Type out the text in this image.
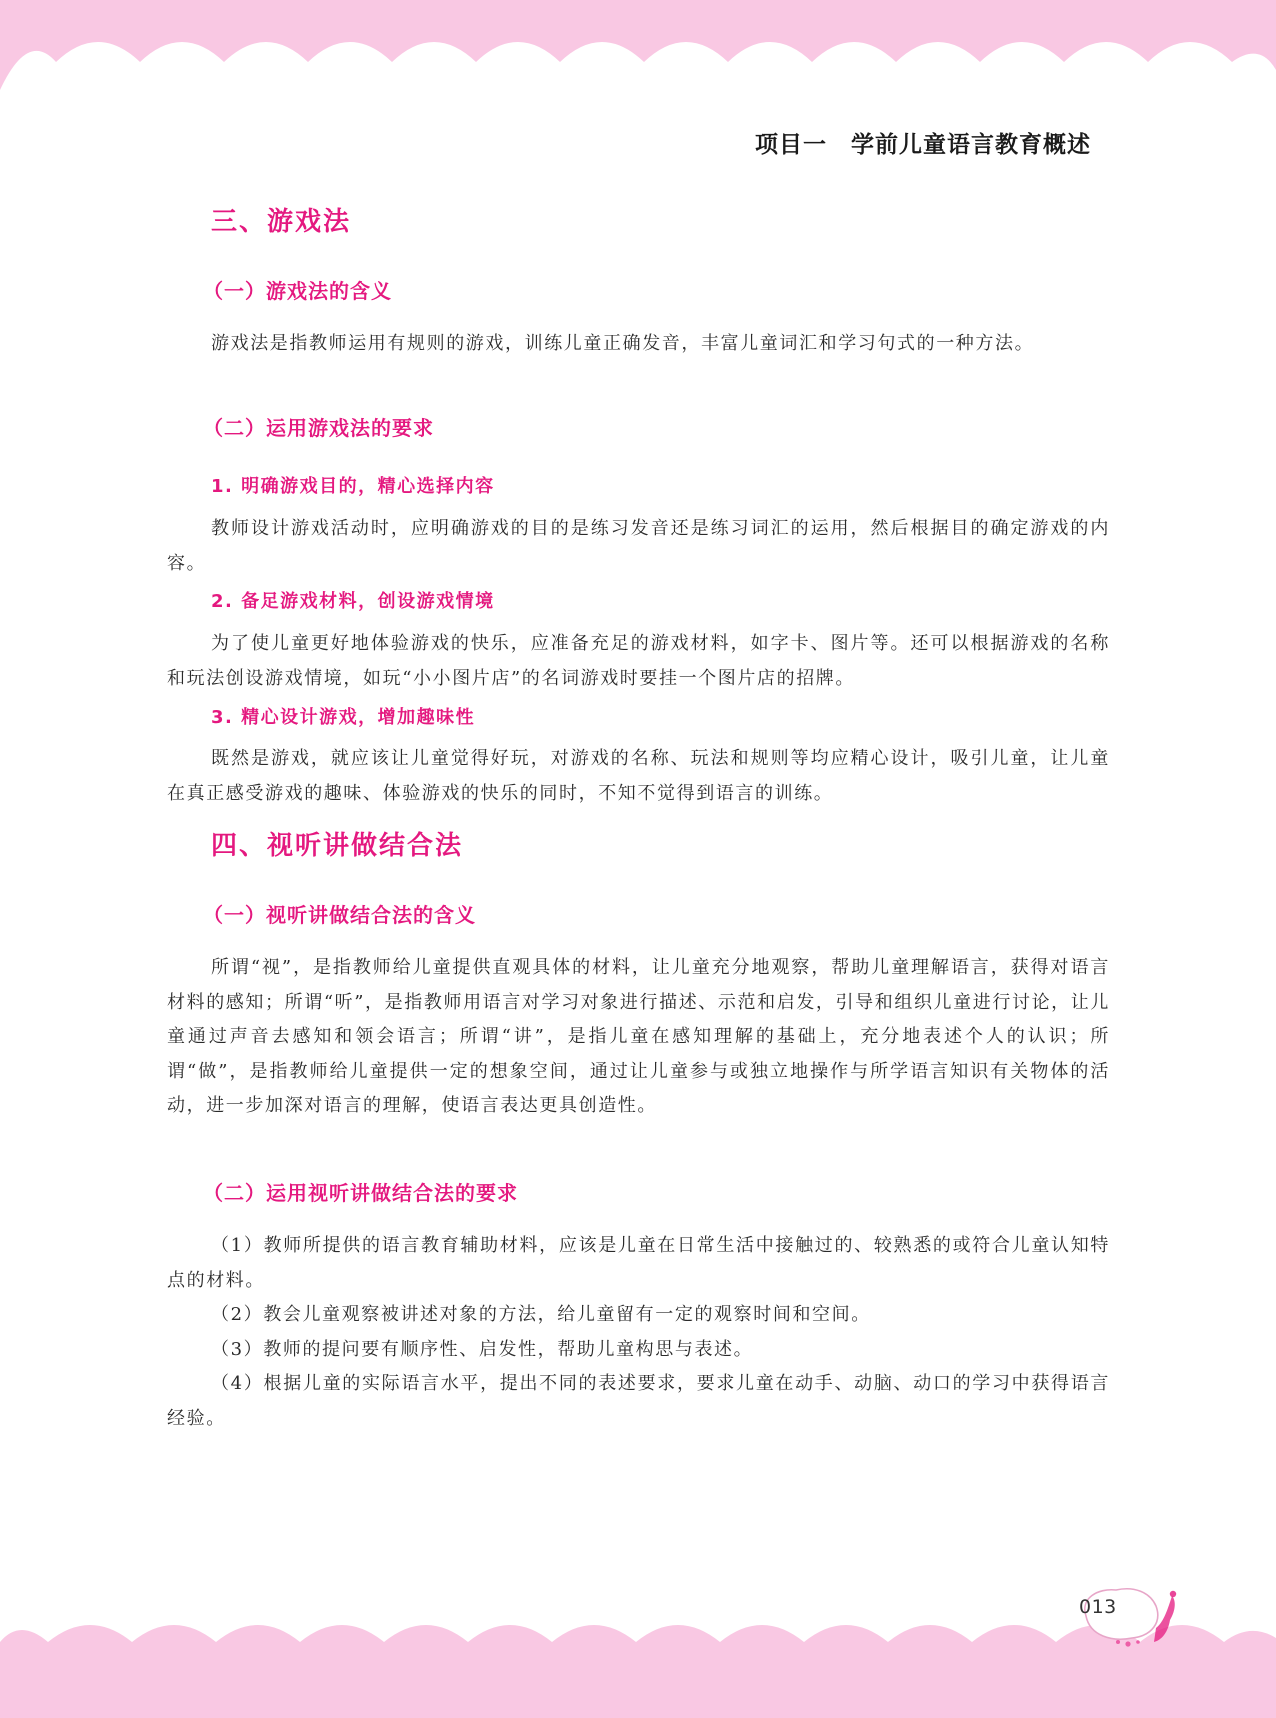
项目一　学前儿童语言教育概述
三、游戏法
（一）游戏法的含义

游戏法是指教师运用有规则的游戏，训练儿童正确发音，丰富儿童词汇和学习句式的一种方法。

（二）运用游戏法的要求
1. 明确游戏目的，精心选择内容

教师设计游戏活动时，应明确游戏的目的是练习发音还是练习词汇的运用，然后根据目的确定游戏的内容。

2. 备足游戏材料，创设游戏情境

为了使儿童更好地体验游戏的快乐，应准备充足的游戏材料，如字卡、图片等。还可以根据游戏的名称和玩法创设游戏情境，如玩“小小图片店”的名词游戏时要挂一个图片店的招牌。

3. 精心设计游戏，增加趣味性

既然是游戏，就应该让儿童觉得好玩，对游戏的名称、玩法和规则等均应精心设计，吸引儿童，让儿童在真正感受游戏的趣味、体验游戏的快乐的同时，不知不觉得到语言的训练。

四、视听讲做结合法
（一）视听讲做结合法的含义

所谓“视”，是指教师给儿童提供直观具体的材料，让儿童充分地观察，帮助儿童理解语言，获得对语言材料的感知；所谓“听”，是指教师用语言对学习对象进行描述、示范和启发，引导和组织儿童进行讨论，让儿童通过声音去感知和领会语言；所谓“讲”，是指儿童在感知理解的基础上，充分地表述个人的认识；所谓“做”，是指教师给儿童提供一定的想象空间，通过让儿童参与或独立地操作与所学语言知识有关物体的活动，进一步加深对语言的理解，使语言表达更具创造性。

（二）运用视听讲做结合法的要求

（1）教师所提供的语言教育辅助材料，应该是儿童在日常生活中接触过的、较熟悉的或符合儿童认知特点的材料。

（2）教会儿童观察被讲述对象的方法，给儿童留有一定的观察时间和空间。

（3）教师的提问要有顺序性、启发性，帮助儿童构思与表述。

（4）根据儿童的实际语言水平，提出不同的表述要求，要求儿童在动手、动脑、动口的学习中获得语言经验。

013
